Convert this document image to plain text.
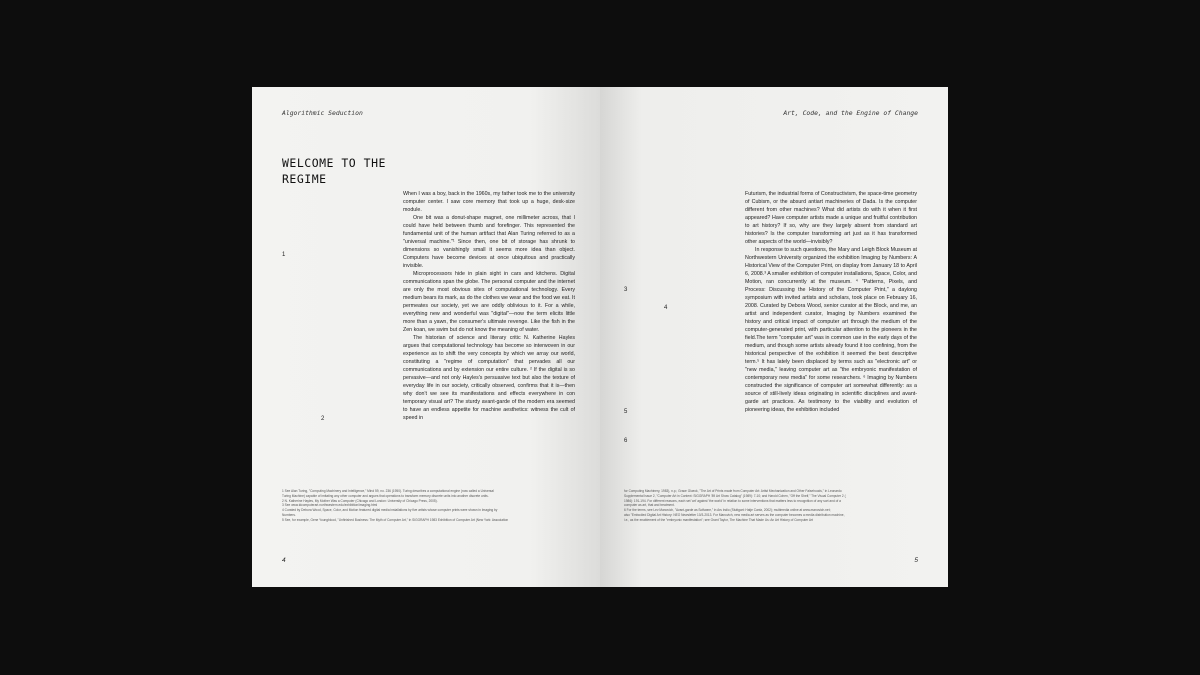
Algorithmic Seduction
WELCOME TO THE
REGIME

When I was a boy, back in the 1960s, my father took me to the university computer center. I saw core memory that took up a huge, desk-size module.

One bit was a donut-shape magnet, one millimeter across, that I could have held between thumb and forefinger. This represented the fundamental unit of the human artifact that Alan Turing referred to as a "universal machine."¹ Since then, one bit of storage has shrunk to dimensions so vanishingly small it seems more idea than object. Computers have become devices at once ubiquitous and practically invisible.

Microprocessors hide in plain sight in cars and kitchens. Digital communications span the globe. The personal computer and the internet are only the most obvious sites of computational technology. Every medium bears its mark, as do the clothes we wear and the food we eat. It permeates our society, yet we are oddly oblivious to it. For a while, everything new and wonderful was "digital"—now the term elicits little more than a yawn, the consumer's ultimate revenge. Like the fish in the Zen koan, we swim but do not know the meaning of water.

The historian of science and literary critic N. Katherine Hayles argues that computational technology has become so interwoven in our experience as to shift the very concepts by which we array our world, constituting a "regime of computation" that pervades all our communications and by extension our entire culture. ² If the digital is so pervasive—and not only Hayles's persuasive text but also the texture of everyday life in our society, critically observed, confirms that it is—then why don't we see its manifestations and effects everywhere in con temporary visual art? The sturdy avant-garde of the modern era seemed to have an endless appetite for machine aesthetics: witness the cult of speed in

1
2
1 See Alan Turing, "Computing Machinery and Intelligence," Mind 59, no. 236 (1950). Turing describes a computational engine (now called a Universal
Turing Machine) capable of imitating any other computer and argues that operations to transform memory discrete units into another discrete units.
2 N. Katherine Hayles, My Mother Was a Computer (Chicago and London: University of Chicago Press, 2005).
3 See www.idcomputerart.northwestern.edu/exhibition/imaging.html
4 Curated by Debora Wood, Space, Color, and Motion featured digital media installations by five artists whose computer prints were shown in Imaging by
Numbers.
5 See, for example, Gene Youngblood, "Unfinished Business: The Myth of Computer Art," in SIGGRAPH 1983 Exhibition of Computer Art (New York: Association
4
Art, Code, and the Engine of Change

Futurism, the industrial forms of Constructivism, the space-time geometry of Cubism, or the absurd antiart machineries of Dada. Is the computer different from other machines? What did artists do with it when it first appeared? Have computer artists made a unique and fruitful contribution to art history? If so, why are they largely absent from standard art histories? Is the computer transforming art just as it has transformed other aspects of the world—invisibly?

In response to such questions, the Mary and Leigh Block Museum at Northwestern University organized the exhibition Imaging by Numbers: A Historical View of the Computer Print, on display from January 18 to April 6, 2008.³ A smaller exhibition of computer installations, Space, Color, and Motion, ran concurrently at the museum. ⁴ "Patterns, Pixels, and Process: Discussing the History of the Computer Print," a daylong symposium with invited artists and scholars, took place on February 16, 2008. Curated by Debora Wood, senior curator at the Block, and me, an artist and independent curator, Imaging by Numbers examined the history and critical impact of computer art through the medium of the computer-generated print, with particular attention to the pioneers in the field.The term "computer art" was in common use in the early days of the medium, and though some artists already found it too confining, from the historical perspective of the exhibition it seemed the best descriptive term.⁵ It has lately been displaced by terms such as "electronic art" or "new media," leaving computer art as "the embryonic manifestation of contemporary new media" for some researchers. ⁶ Imaging by Numbers constructed the significance of computer art somewhat differently: as a source of still-lively ideas originating in scientific disciplines and avant-garde art practices. As testimony to the viability and evolution of pioneering ideas, the exhibition included

3
4
5
6
for Computing Machinery, 1983), n.p.; Grace Glueck, "The Art of Prints made from Computer Art: Artist Mechanization and Other Falsehoods," in Leonardo
Supplemental Issue 2, "Computer Art in Context: SIGGRAPH '89 Art Show Catalog" (1989): 7-10; and Harold Cohen, "Off the Shelf," The Visual Computer 2 (
1986): 191-194. For different reasons, each set 'art' against 'the world' in relation to some interventions that matters less to recognition of any sort and of a
computer as art, that and treatment.
6 For the terms, see Lev Manovich, "Avant-garde as Software," in Ars Indio (Stuttgart: Hatje Cantz, 2002); multimedia online at www.manovich.net;
also "Embodied Digital Art History: NEO Newsletter 10/3-2013. For Manovich, new media art serves as the computer becomes a media distribution machine,
i.e., as the enablement of the "embryonic manifestation"; see Grant Taylor, The Machine That Made Us: An Art History of Computer Art
5
